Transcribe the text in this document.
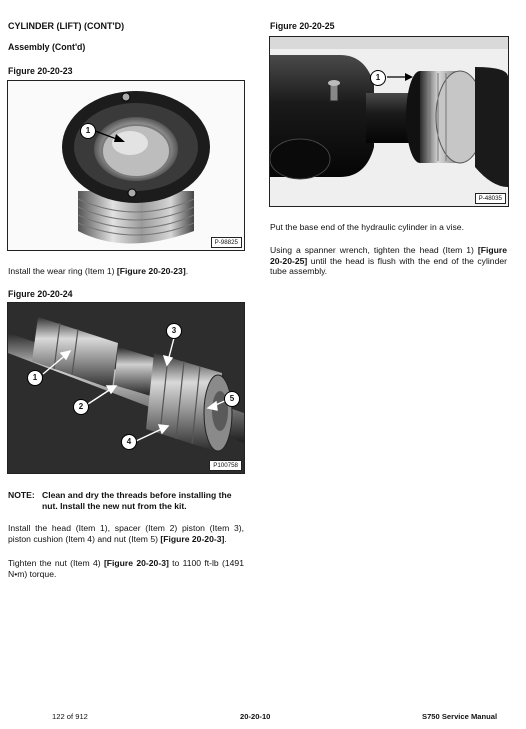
CYLINDER (LIFT) (CONT'D)
Assembly (Cont'd)
Figure 20-20-23
1
P-98825
Install the wear ring (Item 1) [Figure 20-20-23].
Figure 20-20-24
1
2
3
4
5
P100758
NOTE: Clean and dry the threads before installing the
nut. Install the new nut from the kit.
Install the head (Item 1), spacer (Item 2) piston (Item 3), piston cushion (Item 4) and nut (Item 5) [Figure 20-20-3].
Tighten the nut (Item 4) [Figure 20-20-3] to 1100 ft-lb (1491 N•m) torque.
Figure 20-20-25
1
P-48035
Put the base end of the hydraulic cylinder in a vise.
Using a spanner wrench, tighten the head (Item 1) [Figure 20-20-25] until the head is flush with the end of the cylinder tube assembly.
122 of 912	20-20-10	S750 Service Manual
